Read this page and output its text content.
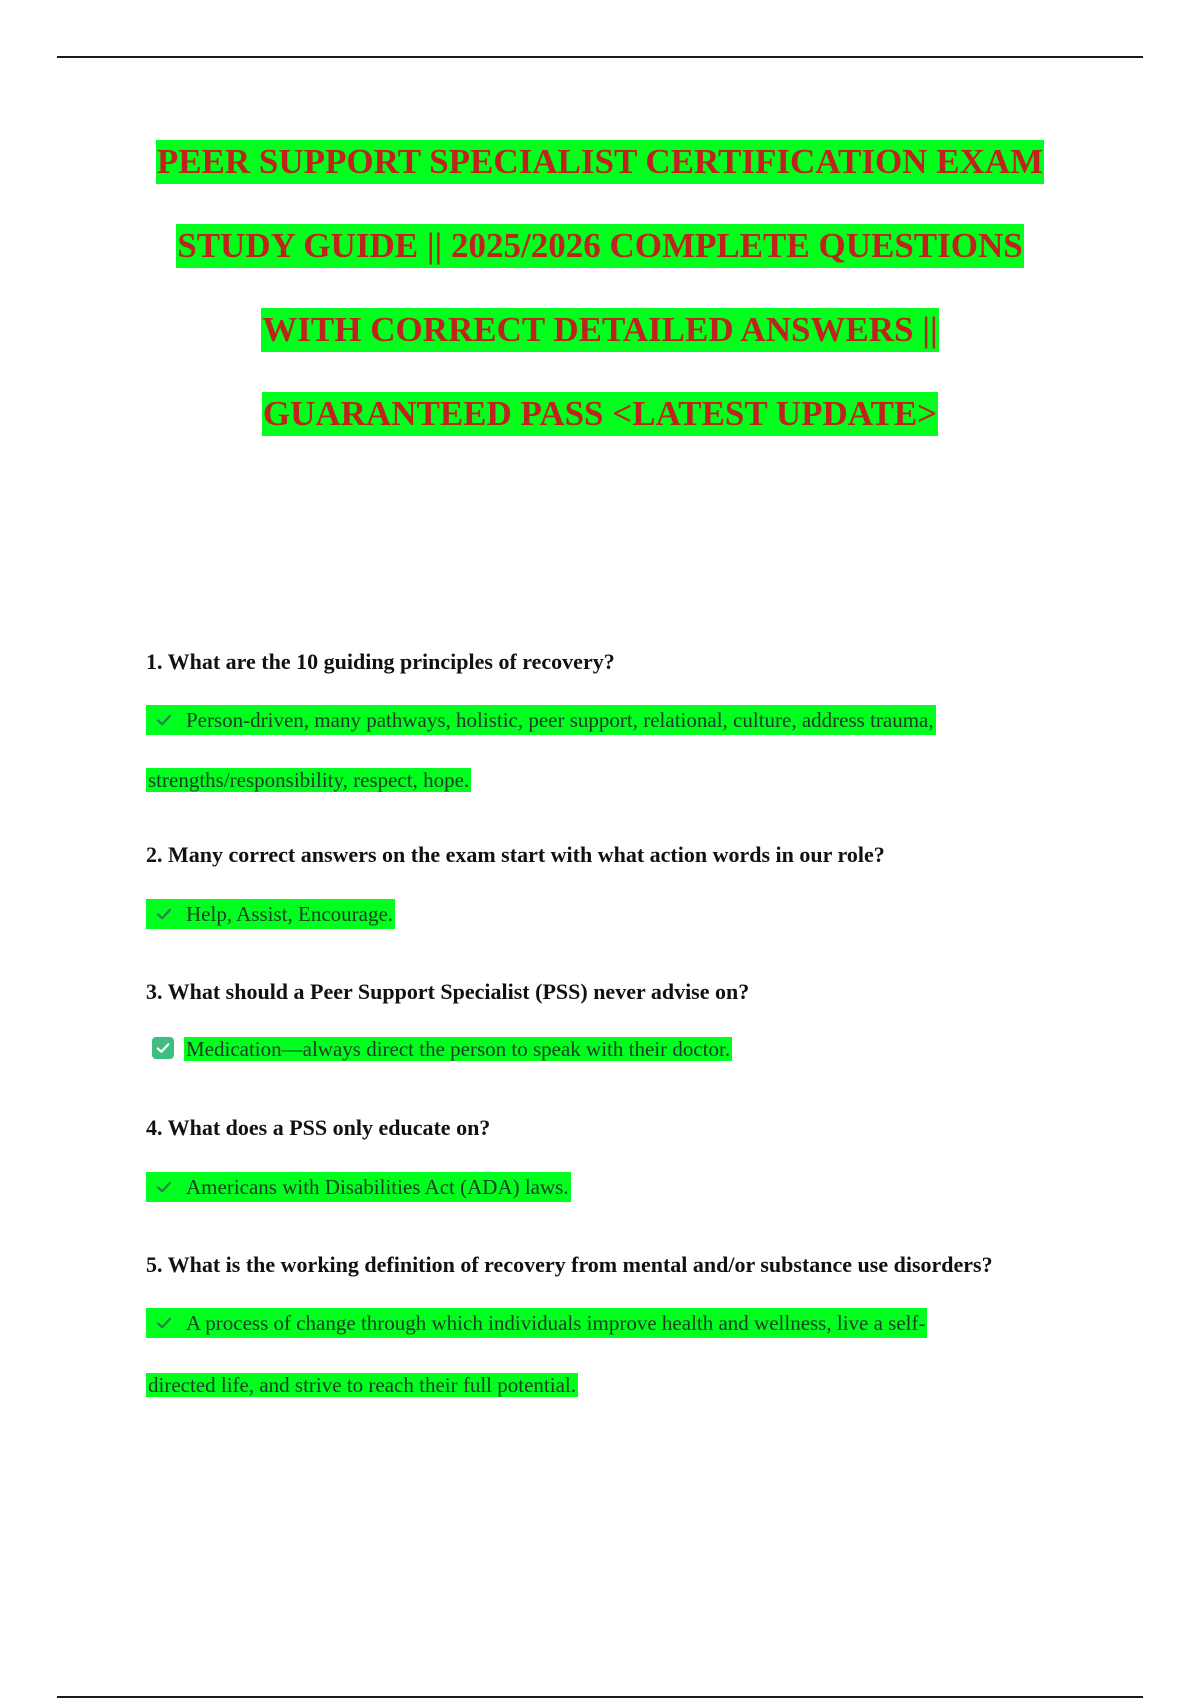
PEER SUPPORT SPECIALIST CERTIFICATION EXAM
STUDY GUIDE || 2025/2026 COMPLETE QUESTIONS
WITH CORRECT DETAILED ANSWERS ||
GUARANTEED PASS <LATEST UPDATE>
1. What are the 10 guiding principles of recovery?
Person-driven, many pathways, holistic, peer support, relational, culture, address trauma,
strengths/responsibility, respect, hope.
2. Many correct answers on the exam start with what action words in our role?
Help, Assist, Encourage.
3. What should a Peer Support Specialist (PSS) never advise on?
Medication—always direct the person to speak with their doctor.
4. What does a PSS only educate on?
Americans with Disabilities Act (ADA) laws.
5. What is the working definition of recovery from mental and/or substance use disorders?
A process of change through which individuals improve health and wellness, live a self-
directed life, and strive to reach their full potential.
